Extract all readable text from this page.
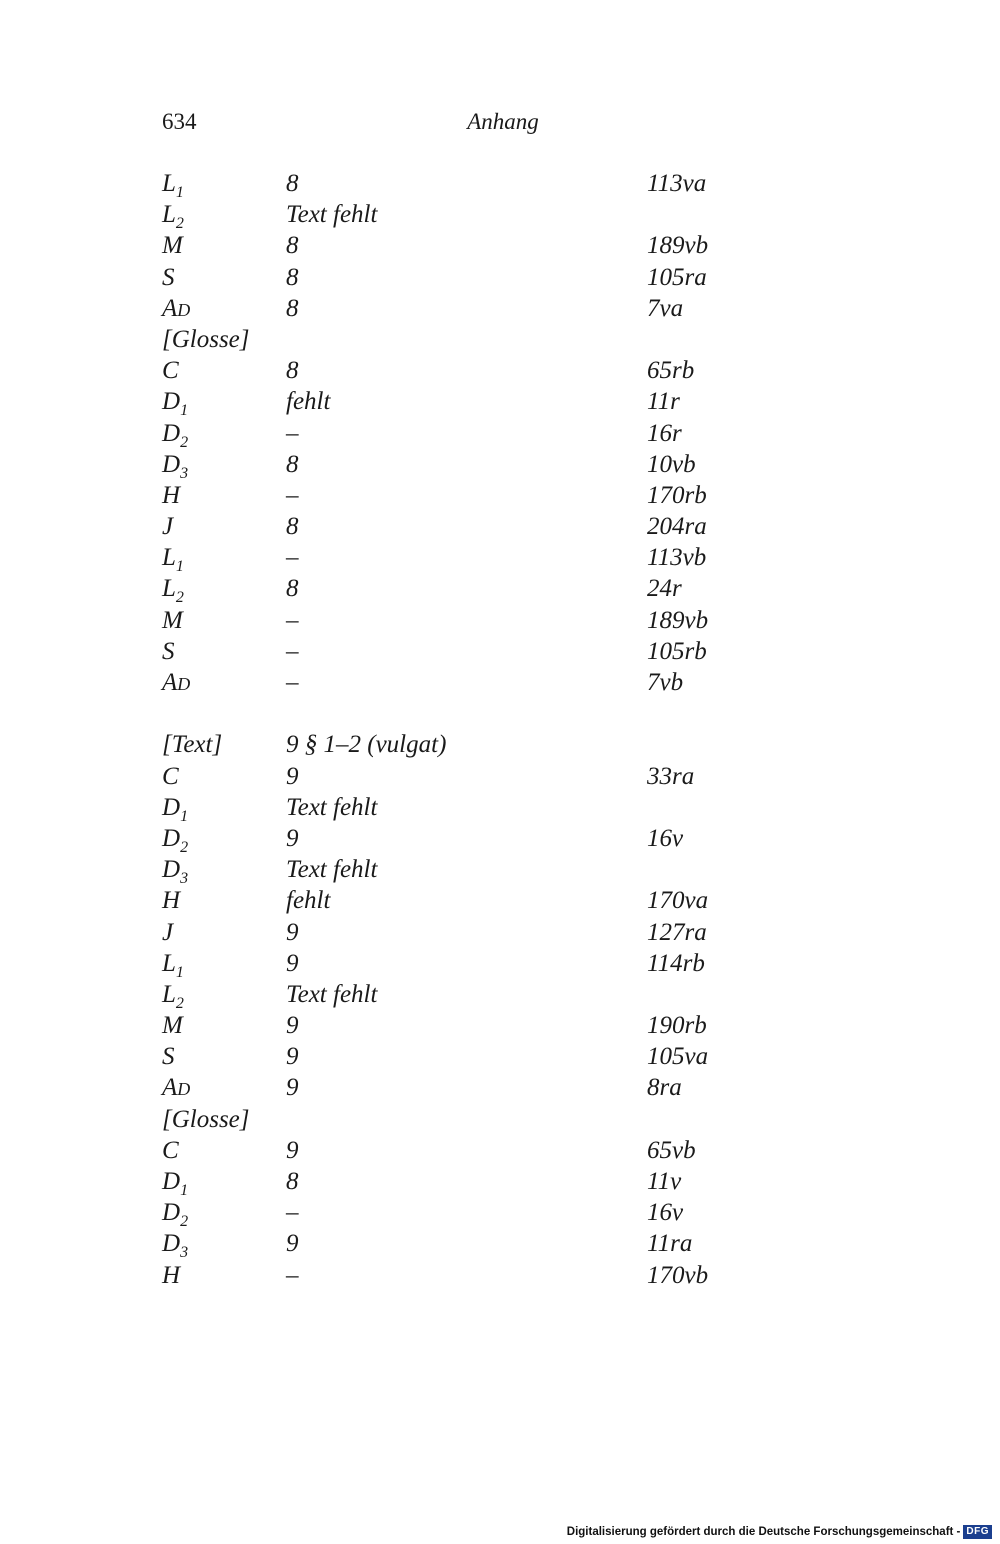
634	Anhang
$L_1$	8	113va
$L_2$	Text fehlt
M	8	189vb
S	8	105ra
AD	8	7va
[Glosse]
C	8	65rb
$D_1$	fehlt	11r
$D_2$	–	16r
$D_3$	8	10vb
H	–	170rb
J	8	204ra
$L_1$	–	113vb
$L_2$	8	24r
M	–	189vb
S	–	105rb
AD	–	7vb
[Text]	9 § 1–2 (vulgat)
C	9	33ra
$D_1$	Text fehlt
$D_2$	9	16v
$D_3$	Text fehlt
H	fehlt	170va
J	9	127ra
$L_1$	9	114rb
$L_2$	Text fehlt
M	9	190rb
S	9	105va
AD	9	8ra
[Glosse]
C	9	65vb
$D_1$	8	11v
$D_2$	–	16v
$D_3$	9	11ra
H	–	170vb
Digitalisierung gefördert durch die Deutsche Forschungsgemeinschaft - DFG
